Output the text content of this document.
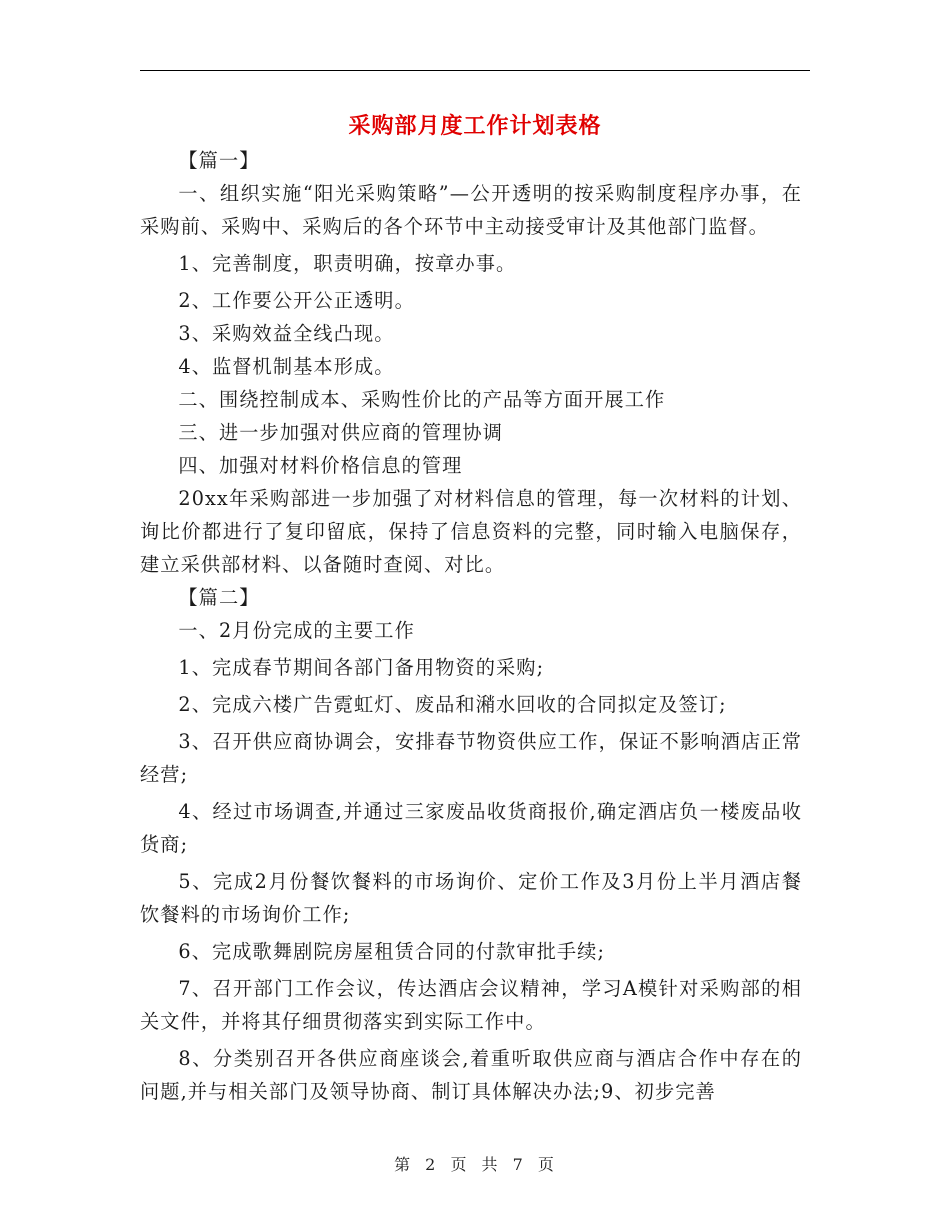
采购部月度工作计划表格

【篇一】

一、组织实施“阳光采购策略”—公开透明的按采购制度程序办事，在采购前、采购中、采购后的各个环节中主动接受审计及其他部门监督。

1、完善制度，职责明确，按章办事。

2、工作要公开公正透明。

3、采购效益全线凸现。

4、监督机制基本形成。

二、围绕控制成本、采购性价比的产品等方面开展工作

三、进一步加强对供应商的管理协调

四、加强对材料价格信息的管理

20xx年采购部进一步加强了对材料信息的管理，每一次材料的计划、询比价都进行了复印留底，保持了信息资料的完整，同时输入电脑保存，建立采供部材料、以备随时查阅、对比。

【篇二】

一、2月份完成的主要工作

1、完成春节期间各部门备用物资的采购;

2、完成六楼广告霓虹灯、废品和潲水回收的合同拟定及签订;

3、召开供应商协调会，安排春节物资供应工作，保证不影响酒店正常经营;

4、经过市场调查,并通过三家废品收货商报价,确定酒店负一楼废品收货商;

5、完成2月份餐饮餐料的市场询价、定价工作及3月份上半月酒店餐饮餐料的市场询价工作;

6、完成歌舞剧院房屋租赁合同的付款审批手续;

7、召开部门工作会议，传达酒店会议精神，学习A模针对采购部的相关文件，并将其仔细贯彻落实到实际工作中。

8、分类别召开各供应商座谈会,着重听取供应商与酒店合作中存在的问题,并与相关部门及领导协商、制订具体解决办法;9、初步完善

第 2 页 共 7 页
